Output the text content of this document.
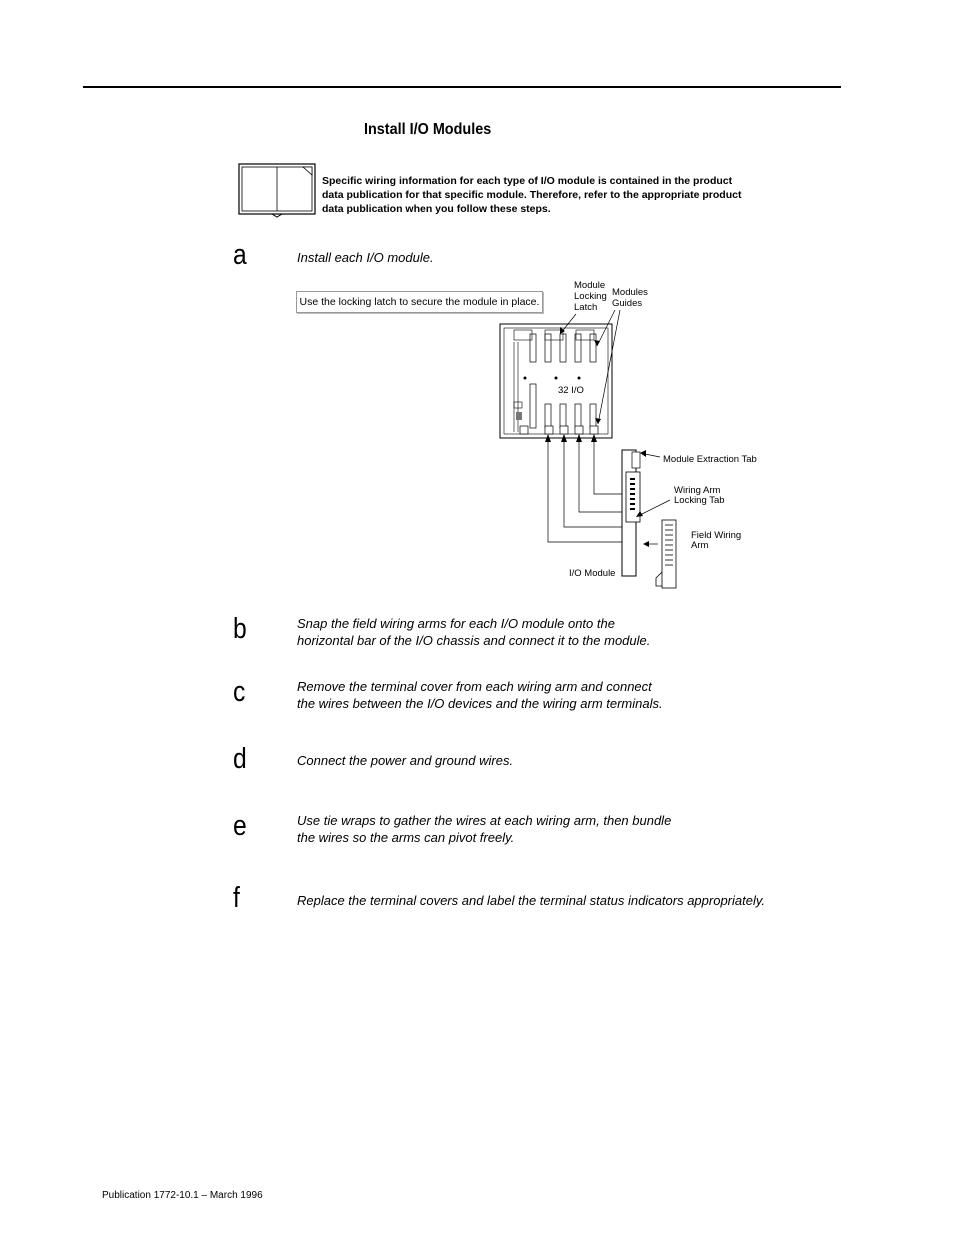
Install I/O Modules
Specific wiring information for each type of I/O module is contained in the product
data publication for that specific module. Therefore, refer to the appropriate product
data publication when you follow these steps.
a	Install each I/O module.
Use the locking latch to secure the module in place.
Module
Locking
Latch
Modules
Guides
32 I/O
Module Extraction Tab
Wiring Arm
Locking Tab
Field Wiring
Arm
I/O Module
b	Snap the field wiring arms for each I/O module onto the
horizontal bar of the I/O chassis and connect it to the module.
c	Remove the terminal cover from each wiring arm and connect
the wires between the I/O devices and the wiring arm terminals.
d	Connect the power and ground wires.
e	Use tie wraps to gather the wires at each wiring arm, then bundle
the wires so the arms can pivot freely.
f	Replace the terminal covers and label the terminal status indicators appropriately.
Publication 1772-10.1 – March 1996
